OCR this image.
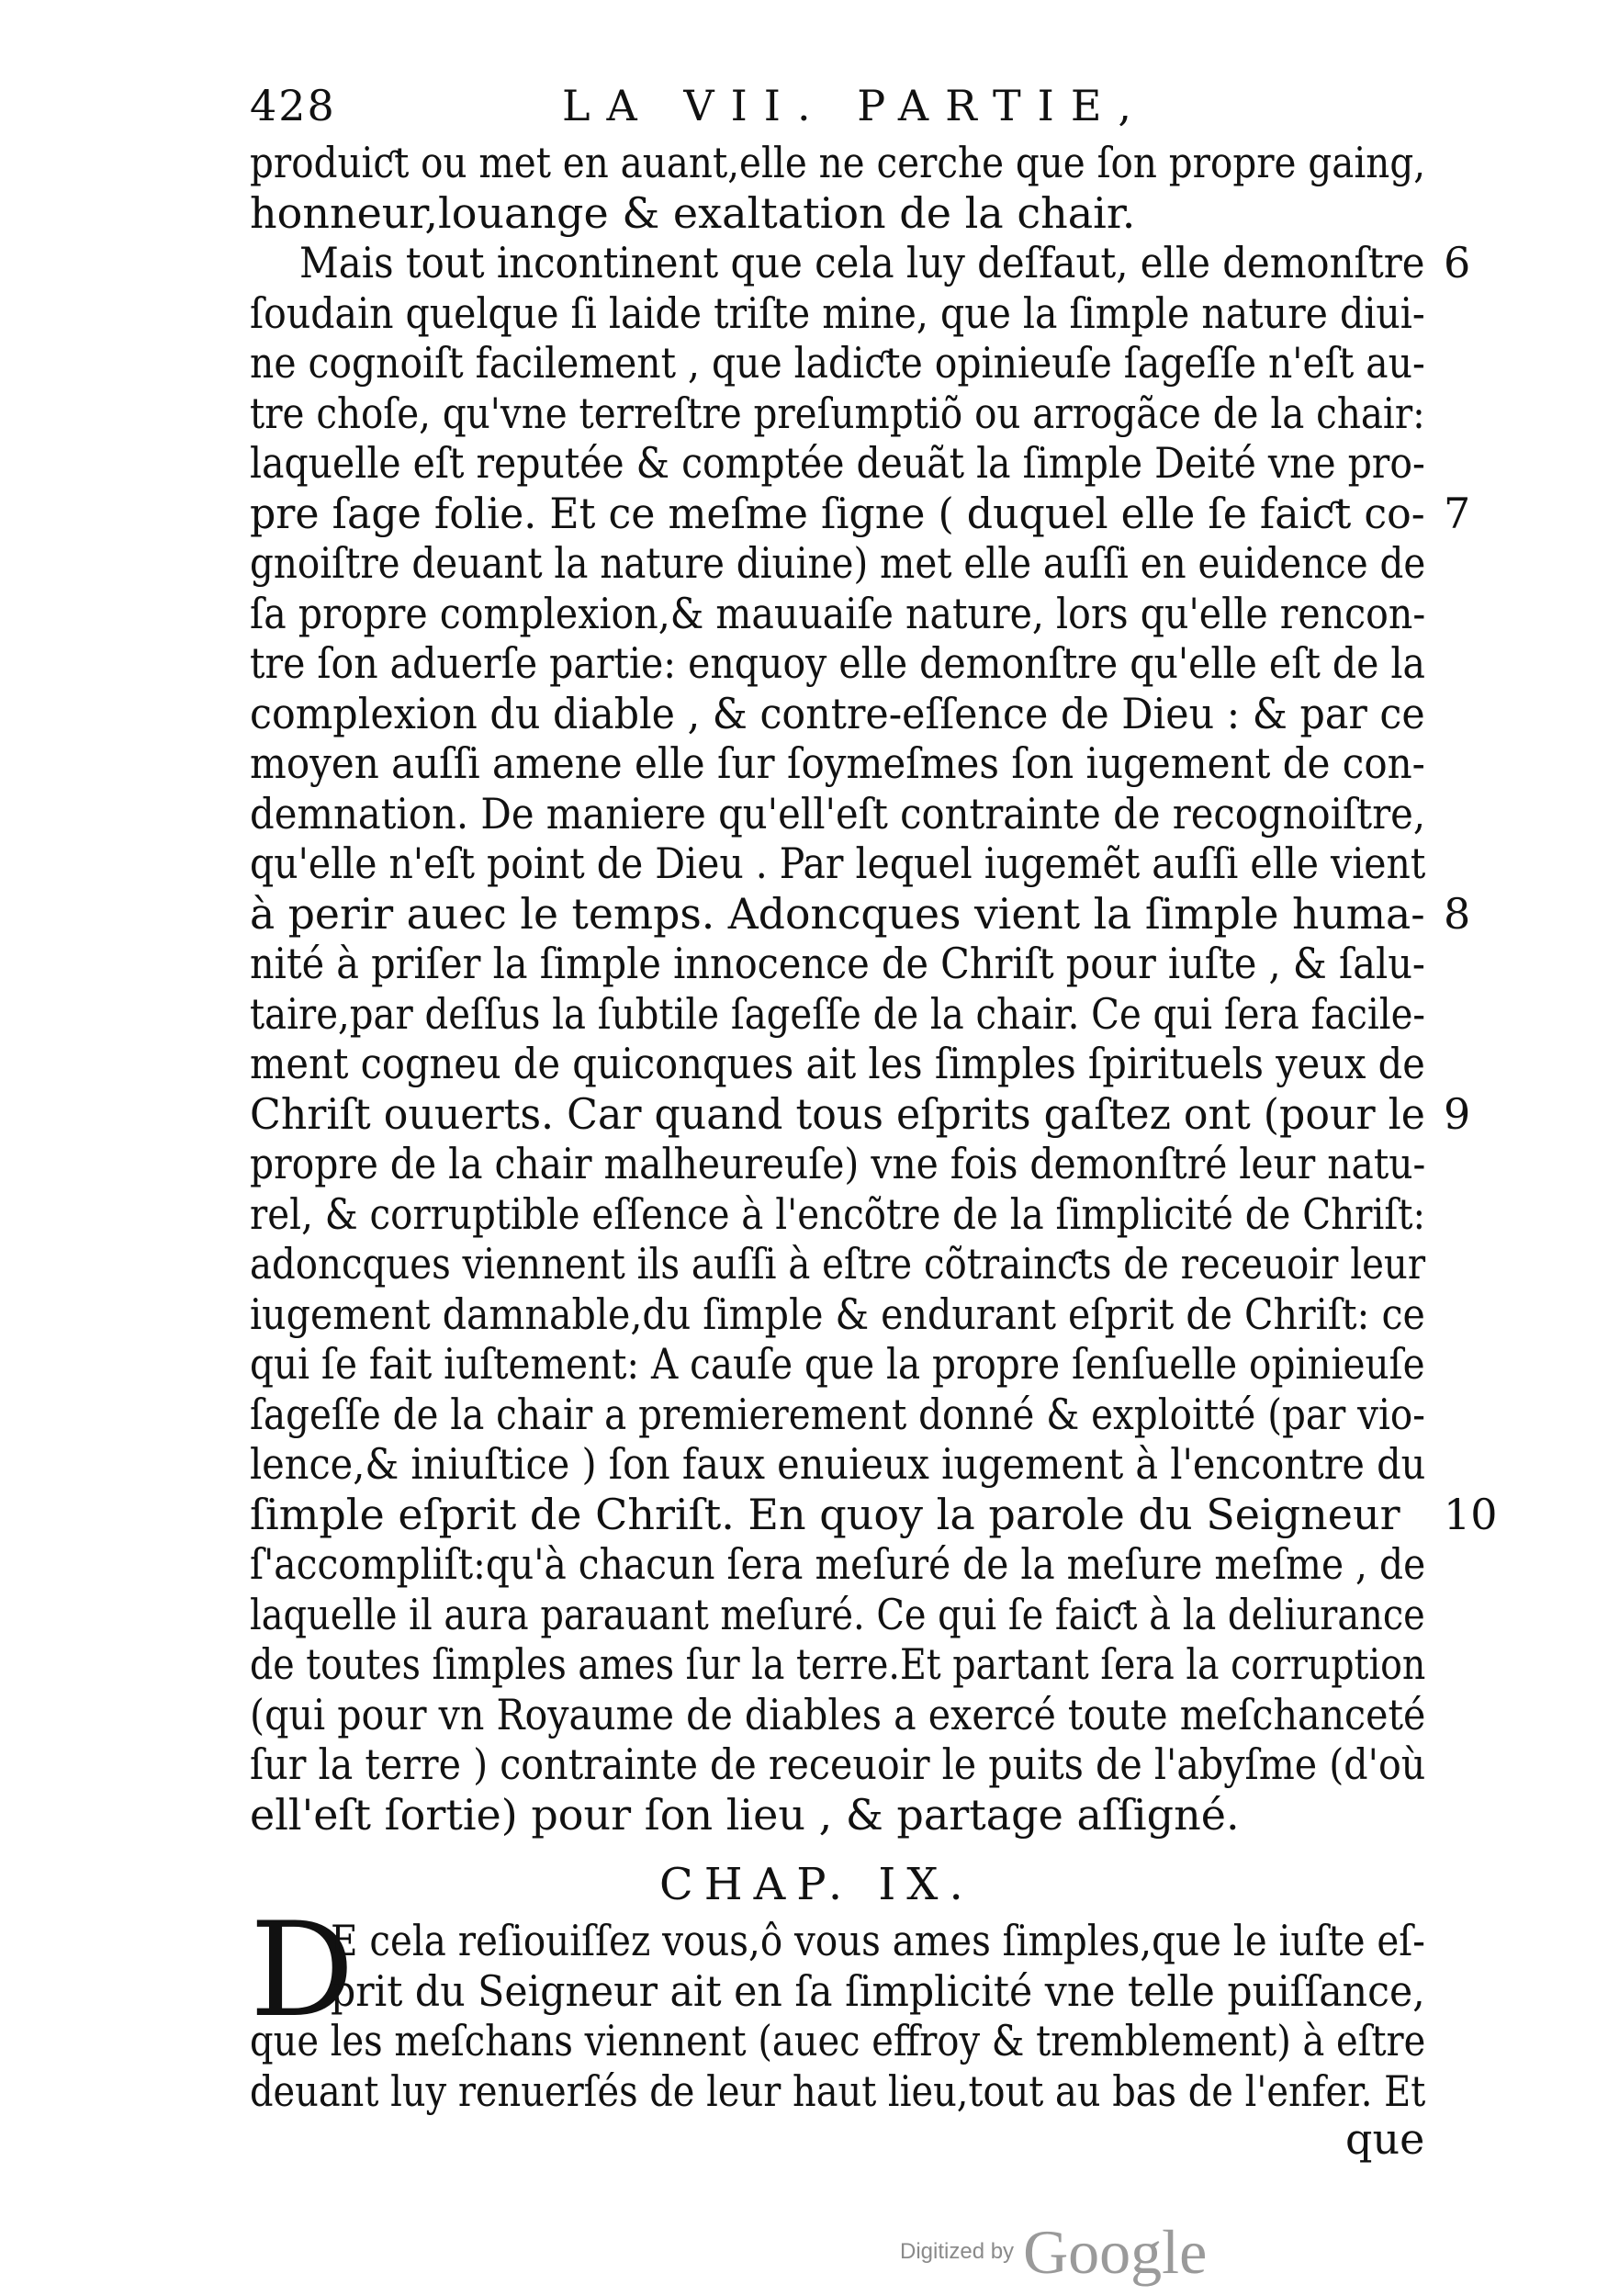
428	LA VII. PARTIE,
produiƈt ou met en auant,elle ne cerche que ſon propre gaing,
honneur,louange & exaltation de la chair.
Mais tout incontinent que cela luy deſfaut, elle demonſtre 6
ſoudain quelque ſi laide triſte mine, que la ſimple nature diui-
ne cognoiſt facilement , que ladiƈte opinieuſe ſageſſe n'eſt au-
tre choſe, qu'vne terreſtre preſumptiõ ou arrogãce de la chair:
laquelle eſt reputée & comptée deuãt la ſimple Deité vne pro-
pre ſage folie. Et ce meſme ſigne ( duquel elle ſe faiƈt co- 7
gnoiſtre deuant la nature diuine) met elle auſſi en euidence de
ſa propre complexion,& mauuaiſe nature, lors qu'elle rencon-
tre ſon aduerſe partie: enquoy elle demonſtre qu'elle eſt de la
complexion du diable , & contre-eſſence de Dieu : & par ce
moyen auſſi amene elle ſur ſoymeſmes ſon iugement de con-
demnation. De maniere qu'ell'eſt contrainte de recognoiſtre,
qu'elle n'eſt point de Dieu . Par lequel iugemẽt auſſi elle vient
à perir auec le temps. Adoncques vient la ſimple huma- 8
nité à priſer la ſimple innocence de Chriſt pour iuſte , & ſalu-
taire,par deſſus la ſubtile ſageſſe de la chair. Ce qui ſera facile-
ment cogneu de quiconques ait les ſimples ſpirituels yeux de
Chriſt ouuerts. Car quand tous eſprits gaſtez ont (pour le 9
propre de la chair malheureuſe) vne fois demonſtré leur natu-
rel, & corruptible eſſence à l'encõtre de la ſimplicité de Chriſt:
adoncques viennent ils auſſi à eſtre cõtrainƈts de receuoir leur
iugement damnable,du ſimple & endurant eſprit de Chriſt: ce
qui ſe fait iuſtement: A cauſe que la propre ſenſuelle opinieuſe
ſageſſe de la chair a premierement donné & exploitté (par vio-
lence,& iniuſtice ) ſon faux enuieux iugement à l'encontre du
ſimple eſprit de Chriſt. En quoy la parole du Seigneur 10
ſ'accompliſt:qu'à chacun ſera meſuré de la meſure meſme , de
laquelle il aura parauant meſuré. Ce qui ſe faiƈt à la deliurance
de toutes ſimples ames ſur la terre.Et partant ſera la corruption
(qui pour vn Royaume de diables a exercé toute meſchanceté
ſur la terre ) contrainte de receuoir le puits de l'abyſme (d'où
ell'eſt ſortie) pour ſon lieu , & partage aſſigné.
CHAP. IX.
D
E cela reſiouiſſez vous,ô vous ames ſimples,que le iuſte eſ-
prit du Seigneur ait en ſa ſimplicité vne telle puiſſance,
que les meſchans viennent (auec effroy & tremblement) à eſtre
deuant luy renuerſés de leur haut lieu,tout au bas de l'enfer. Et
que
Digitized by Google
